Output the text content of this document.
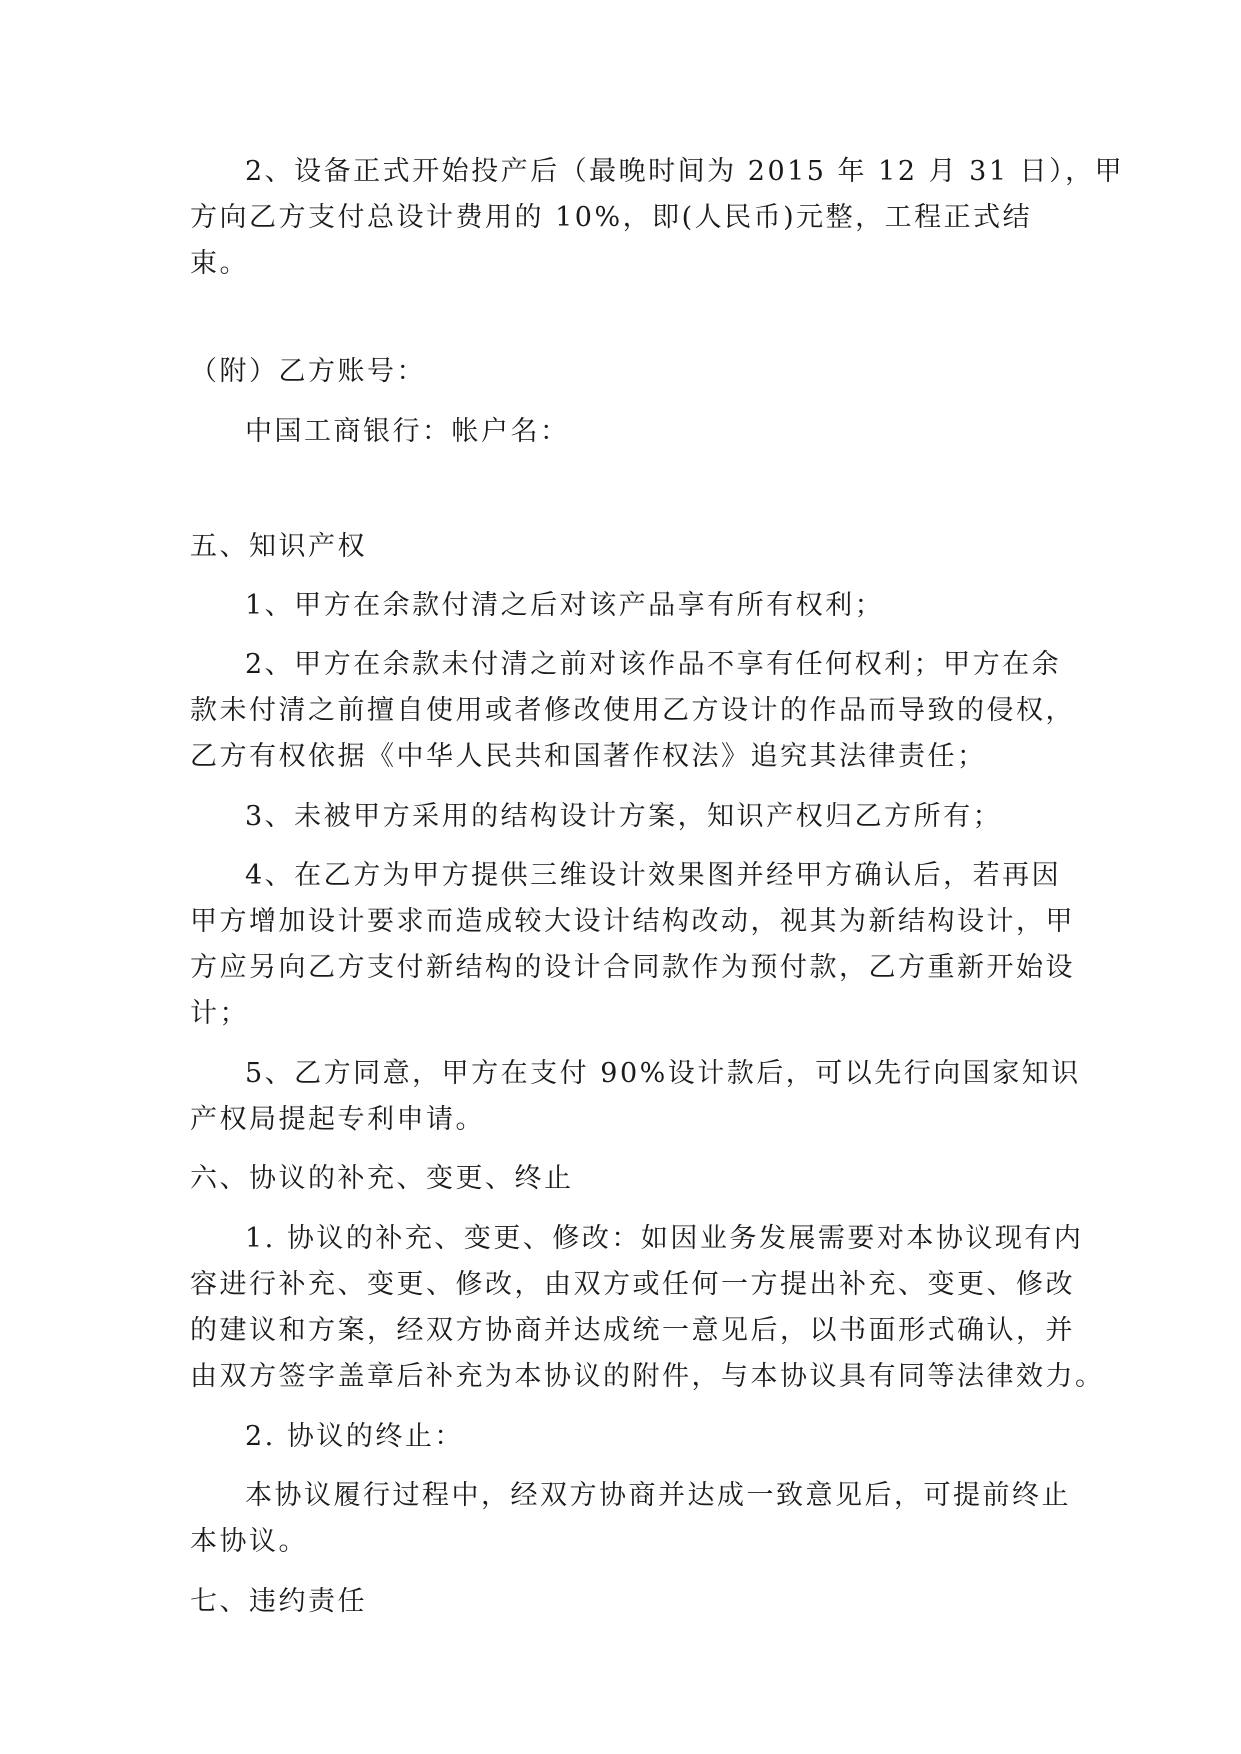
2、设备正式开始投产后（最晚时间为 2015 年 12 月 31 日），甲
方向乙方支付总设计费用的 10%，即(人民币)元整，工程正式结
束。
（附）乙方账号：
中国工商银行：帐户名：
五、知识产权
1、甲方在余款付清之后对该产品享有所有权利；
2、甲方在余款未付清之前对该作品不享有任何权利；甲方在余
款未付清之前擅自使用或者修改使用乙方设计的作品而导致的侵权，
乙方有权依据《中华人民共和国著作权法》追究其法律责任；
3、未被甲方采用的结构设计方案，知识产权归乙方所有；
4、在乙方为甲方提供三维设计效果图并经甲方确认后，若再因
甲方增加设计要求而造成较大设计结构改动，视其为新结构设计，甲
方应另向乙方支付新结构的设计合同款作为预付款，乙方重新开始设
计；
5、乙方同意，甲方在支付 90%设计款后，可以先行向国家知识
产权局提起专利申请。
六、协议的补充、变更、终止
1. 协议的补充、变更、修改：如因业务发展需要对本协议现有内
容进行补充、变更、修改，由双方或任何一方提出补充、变更、修改
的建议和方案，经双方协商并达成统一意见后，以书面形式确认，并
由双方签字盖章后补充为本协议的附件，与本协议具有同等法律效力。
2. 协议的终止：
本协议履行过程中，经双方协商并达成一致意见后，可提前终止
本协议。
七、违约责任
